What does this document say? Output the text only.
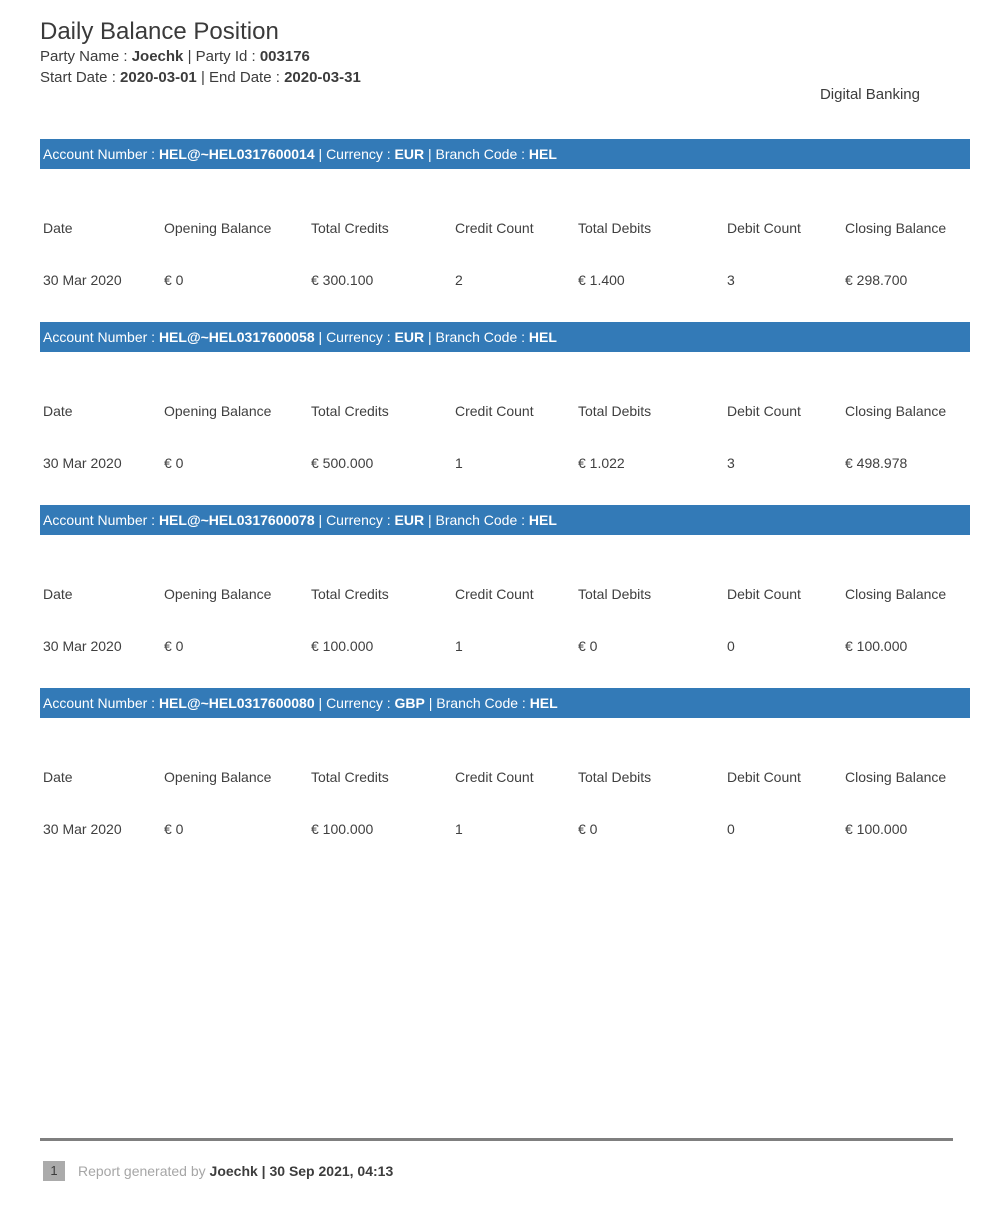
Daily Balance Position
Party Name : Joechk | Party Id : 003176
Start Date : 2020-03-01 | End Date : 2020-03-31
Digital Banking
Account Number : HEL@~HEL0317600014 | Currency : EUR | Branch Code : HEL
Date	Opening Balance	Total Credits	Credit Count	Total Debits	Debit Count	Closing Balance
30 Mar 2020	€ 0	€ 300.100	2	€ 1.400	3	€ 298.700
Account Number : HEL@~HEL0317600058 | Currency : EUR | Branch Code : HEL
Date	Opening Balance	Total Credits	Credit Count	Total Debits	Debit Count	Closing Balance
30 Mar 2020	€ 0	€ 500.000	1	€ 1.022	3	€ 498.978
Account Number : HEL@~HEL0317600078 | Currency : EUR | Branch Code : HEL
Date	Opening Balance	Total Credits	Credit Count	Total Debits	Debit Count	Closing Balance
30 Mar 2020	€ 0	€ 100.000	1	€ 0	0	€ 100.000
Account Number : HEL@~HEL0317600080 | Currency : GBP | Branch Code : HEL
Date	Opening Balance	Total Credits	Credit Count	Total Debits	Debit Count	Closing Balance
30 Mar 2020	€ 0	€ 100.000	1	€ 0	0	€ 100.000
1	Report generated by Joechk | 30 Sep 2021, 04:13
